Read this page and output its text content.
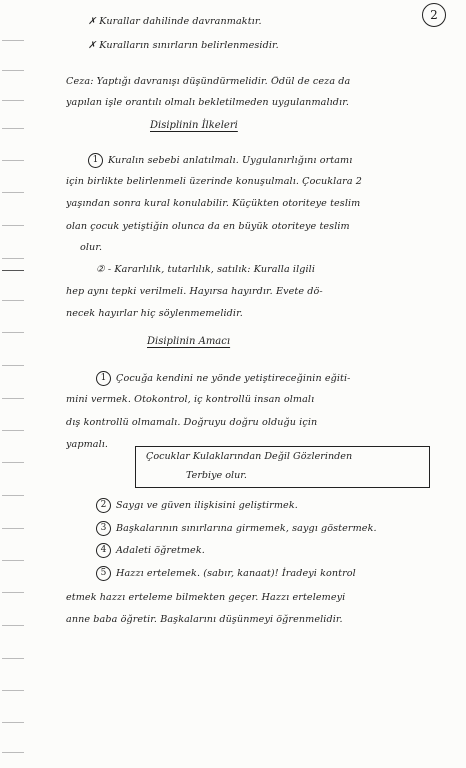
2
✗ Kurallar dahilinde davranmaktır.
✗ Kuralların sınırların belirlenmesidir.
Ceza: Yaptığı davranışı düşündürmelidir. Ödül de ceza da
yapılan işle orantılı olmalı bekletilmeden uygulanmalıdır.
Disiplinin İlkeleri
1 Kuralın sebebi anlatılmalı. Uygulanırlığını ortamı
için birlikte belirlenmeli üzerinde konuşulmalı. Çocuklara 2
yaşından sonra kural konulabilir. Küçükten otoriteye teslim
olan çocuk yetiştiğin olunca da en büyük otoriteye teslim
olur.
② - Kararlılık, tutarlılık, satılık: Kuralla ilgili
hep aynı tepki verilmeli. Hayırsa hayırdır. Evete dö-
necek hayırlar hiç söylenmemelidir.
Disiplinin Amacı
1 Çocuğa kendini ne yönde yetiştireceğinin eğiti-
mini vermek. Otokontrol, iç kontrollü insan olmalı
dış kontrollü olmamalı. Doğruyu doğru olduğu için
yapmalı.
Çocuklar Kulaklarından Değil Gözlerinden
Terbiye olur.
2 Saygı ve güven ilişkisini geliştirmek.
3 Başkalarının sınırlarına girmemek, saygı göstermek.
4 Adaleti öğretmek.
5 Hazzı ertelemek. (sabır, kanaat)! İradeyi kontrol
etmek hazzı erteleme bilmekten geçer. Hazzı ertelemeyi
anne baba öğretir. Başkalarını düşünmeyi öğrenmelidir.
